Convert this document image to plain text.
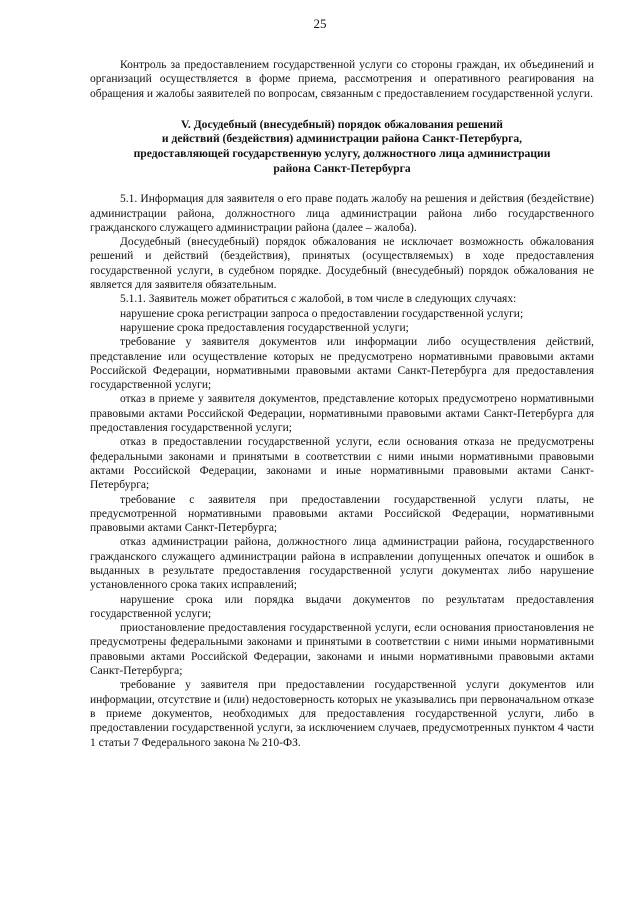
25

Контроль за предоставлением государственной услуги со стороны граждан, их объединений и организаций осуществляется в форме приема, рассмотрения и оперативного реагирования на обращения и жалобы заявителей по вопросам, связанным с предоставлением государственной услуги.

V. Досудебный (внесудебный) порядок обжалования решений
и действий (бездействия) администрации района Санкт-Петербурга,
предоставляющей государственную услугу, должностного лица администрации
района Санкт-Петербурга

5.1. Информация для заявителя о его праве подать жалобу на решения и действия (бездействие) администрации района, должностного лица администрации района либо государственного гражданского служащего администрации района (далее – жалоба).

Досудебный (внесудебный) порядок обжалования не исключает возможность обжалования решений и действий (бездействия), принятых (осуществляемых) в ходе предоставления государственной услуги, в судебном порядке. Досудебный (внесудебный) порядок обжалования не является для заявителя обязательным.

5.1.1. Заявитель может обратиться с жалобой, в том числе в следующих случаях:

нарушение срока регистрации запроса о предоставлении государственной услуги;

нарушение срока предоставления государственной услуги;

требование у заявителя документов или информации либо осуществления действий, представление или осуществление которых не предусмотрено нормативными правовыми актами Российской Федерации, нормативными правовыми актами Санкт-Петербурга для предоставления государственной услуги;

отказ в приеме у заявителя документов, представление которых предусмотрено нормативными правовыми актами Российской Федерации, нормативными правовыми актами Санкт-Петербурга для предоставления государственной услуги;

отказ в предоставлении государственной услуги, если основания отказа не предусмотрены федеральными законами и принятыми в соответствии с ними иными нормативными правовыми актами Российской Федерации, законами и иные нормативными правовыми актами Санкт-Петербурга;

требование с заявителя при предоставлении государственной услуги платы, не предусмотренной нормативными правовыми актами Российской Федерации, нормативными правовыми актами Санкт-Петербурга;

отказ администрации района, должностного лица администрации района, государственного гражданского служащего администрации района в исправлении допущенных опечаток и ошибок в выданных в результате предоставления государственной услуги документах либо нарушение установленного срока таких исправлений;

нарушение срока или порядка выдачи документов по результатам предоставления государственной услуги;

приостановление предоставления государственной услуги, если основания приостановления не предусмотрены федеральными законами и принятыми в соответствии с ними иными нормативными правовыми актами Российской Федерации, законами и иными нормативными правовыми актами Санкт-Петербурга;

требование у заявителя при предоставлении государственной услуги документов или информации, отсутствие и (или) недостоверность которых не указывались при первоначальном отказе в приеме документов, необходимых для предоставления государственной услуги, либо в предоставлении государственной услуги, за исключением случаев, предусмотренных пунктом 4 части 1 статьи 7 Федерального закона № 210-ФЗ.
